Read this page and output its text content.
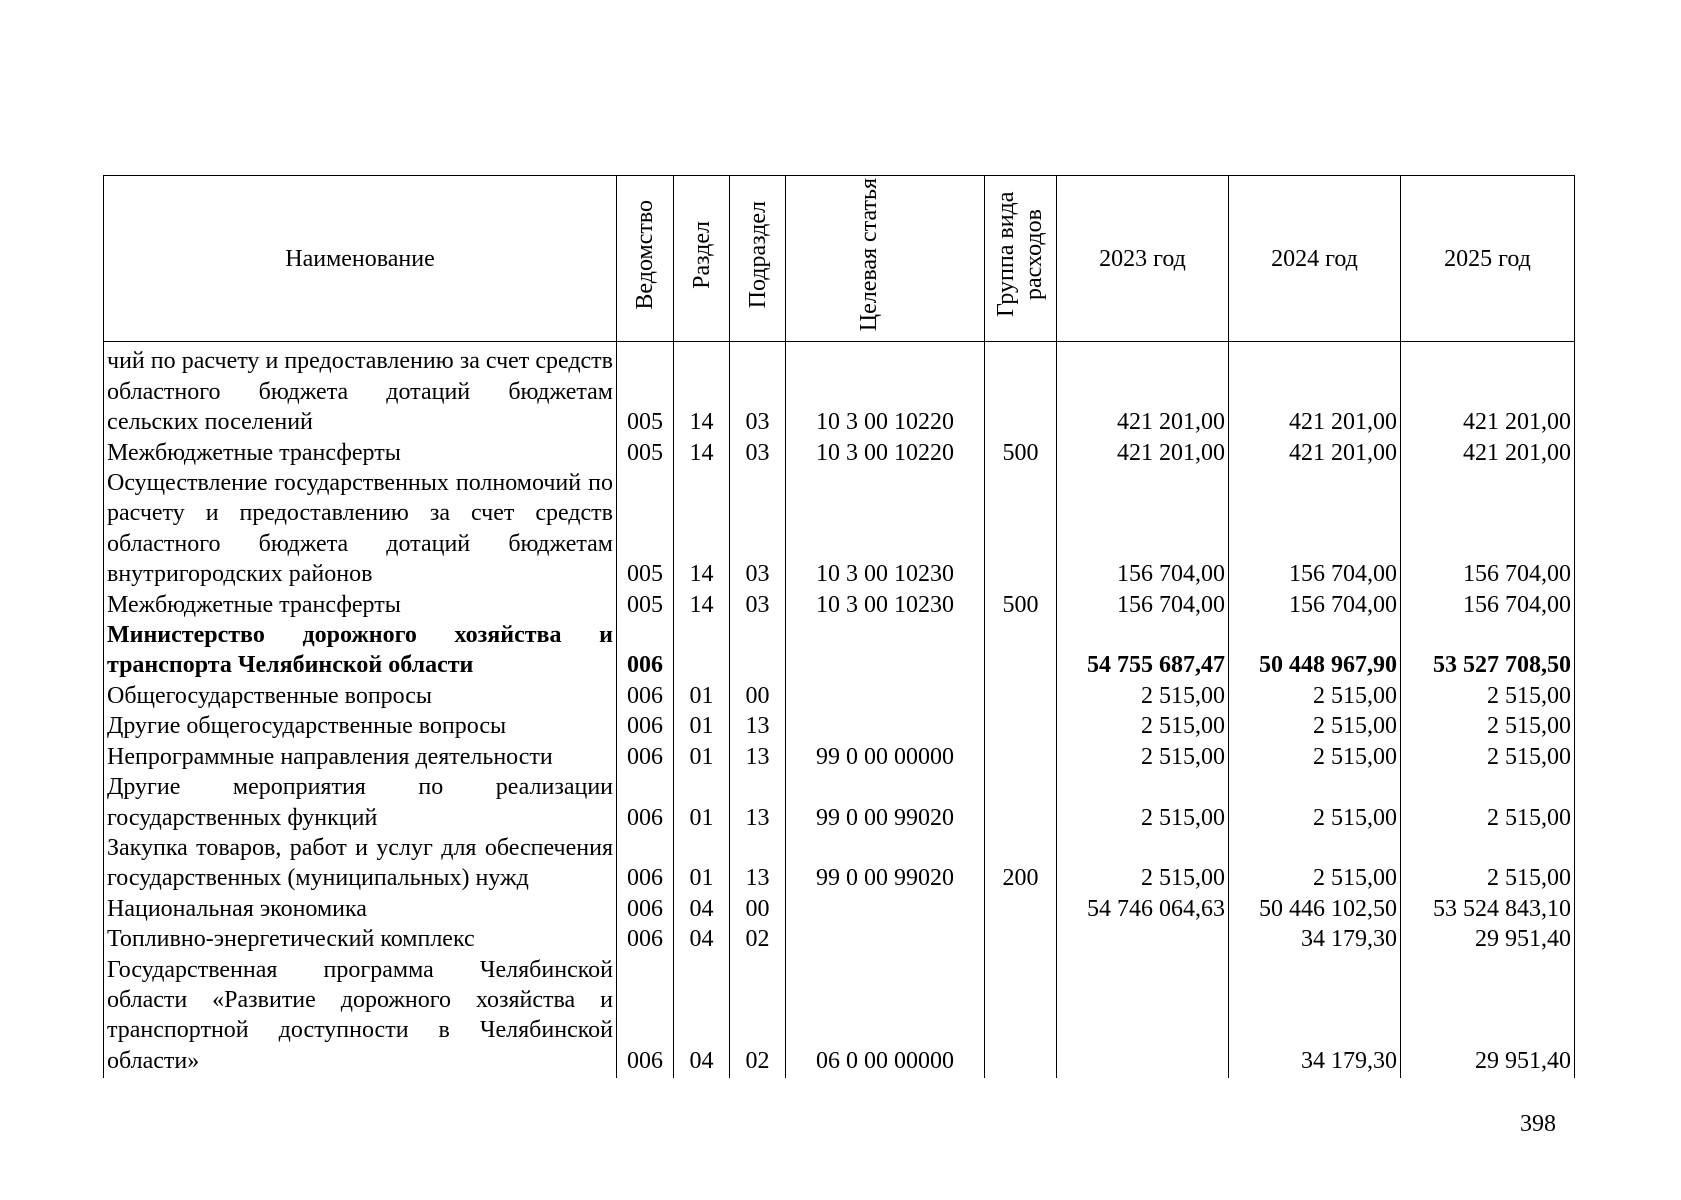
Наименование	Ведомство	Раздел	Подраздел	Целевая статья	Группа вида расходов	2023 год	2024 год	2025 год
чий по расчету и предоставлению за счет средств областного бюджета дотаций бюджетам сельских поселений	005	14	03	10 3 00 10220		421 201,00	421 201,00	421 201,00
Межбюджетные трансферты	005	14	03	10 3 00 10220	500	421 201,00	421 201,00	421 201,00
Осуществление государственных полномочий по расчету и предоставлению за счет средств областного бюджета дотаций бюджетам внутригородских районов	005	14	03	10 3 00 10230		156 704,00	156 704,00	156 704,00
Межбюджетные трансферты	005	14	03	10 3 00 10230	500	156 704,00	156 704,00	156 704,00
Министерство дорожного хозяйства и транспорта Челябинской области	006					54 755 687,47	50 448 967,90	53 527 708,50
Общегосударственные вопросы	006	01	00			2 515,00	2 515,00	2 515,00
Другие общегосударственные вопросы	006	01	13			2 515,00	2 515,00	2 515,00
Непрограммные направления деятельности	006	01	13	99 0 00 00000		2 515,00	2 515,00	2 515,00
Другие мероприятия по реализации государственных функций	006	01	13	99 0 00 99020		2 515,00	2 515,00	2 515,00
Закупка товаров, работ и услуг для обеспечения государственных (муниципальных) нужд	006	01	13	99 0 00 99020	200	2 515,00	2 515,00	2 515,00
Национальная экономика	006	04	00			54 746 064,63	50 446 102,50	53 524 843,10
Топливно-энергетический комплекс	006	04	02				34 179,30	29 951,40
Государственная программа Челябинской области «Развитие дорожного хозяйства и транспортной доступности в Челябинской области»	006	04	02	06 0 00 00000			34 179,30	29 951,40
398
